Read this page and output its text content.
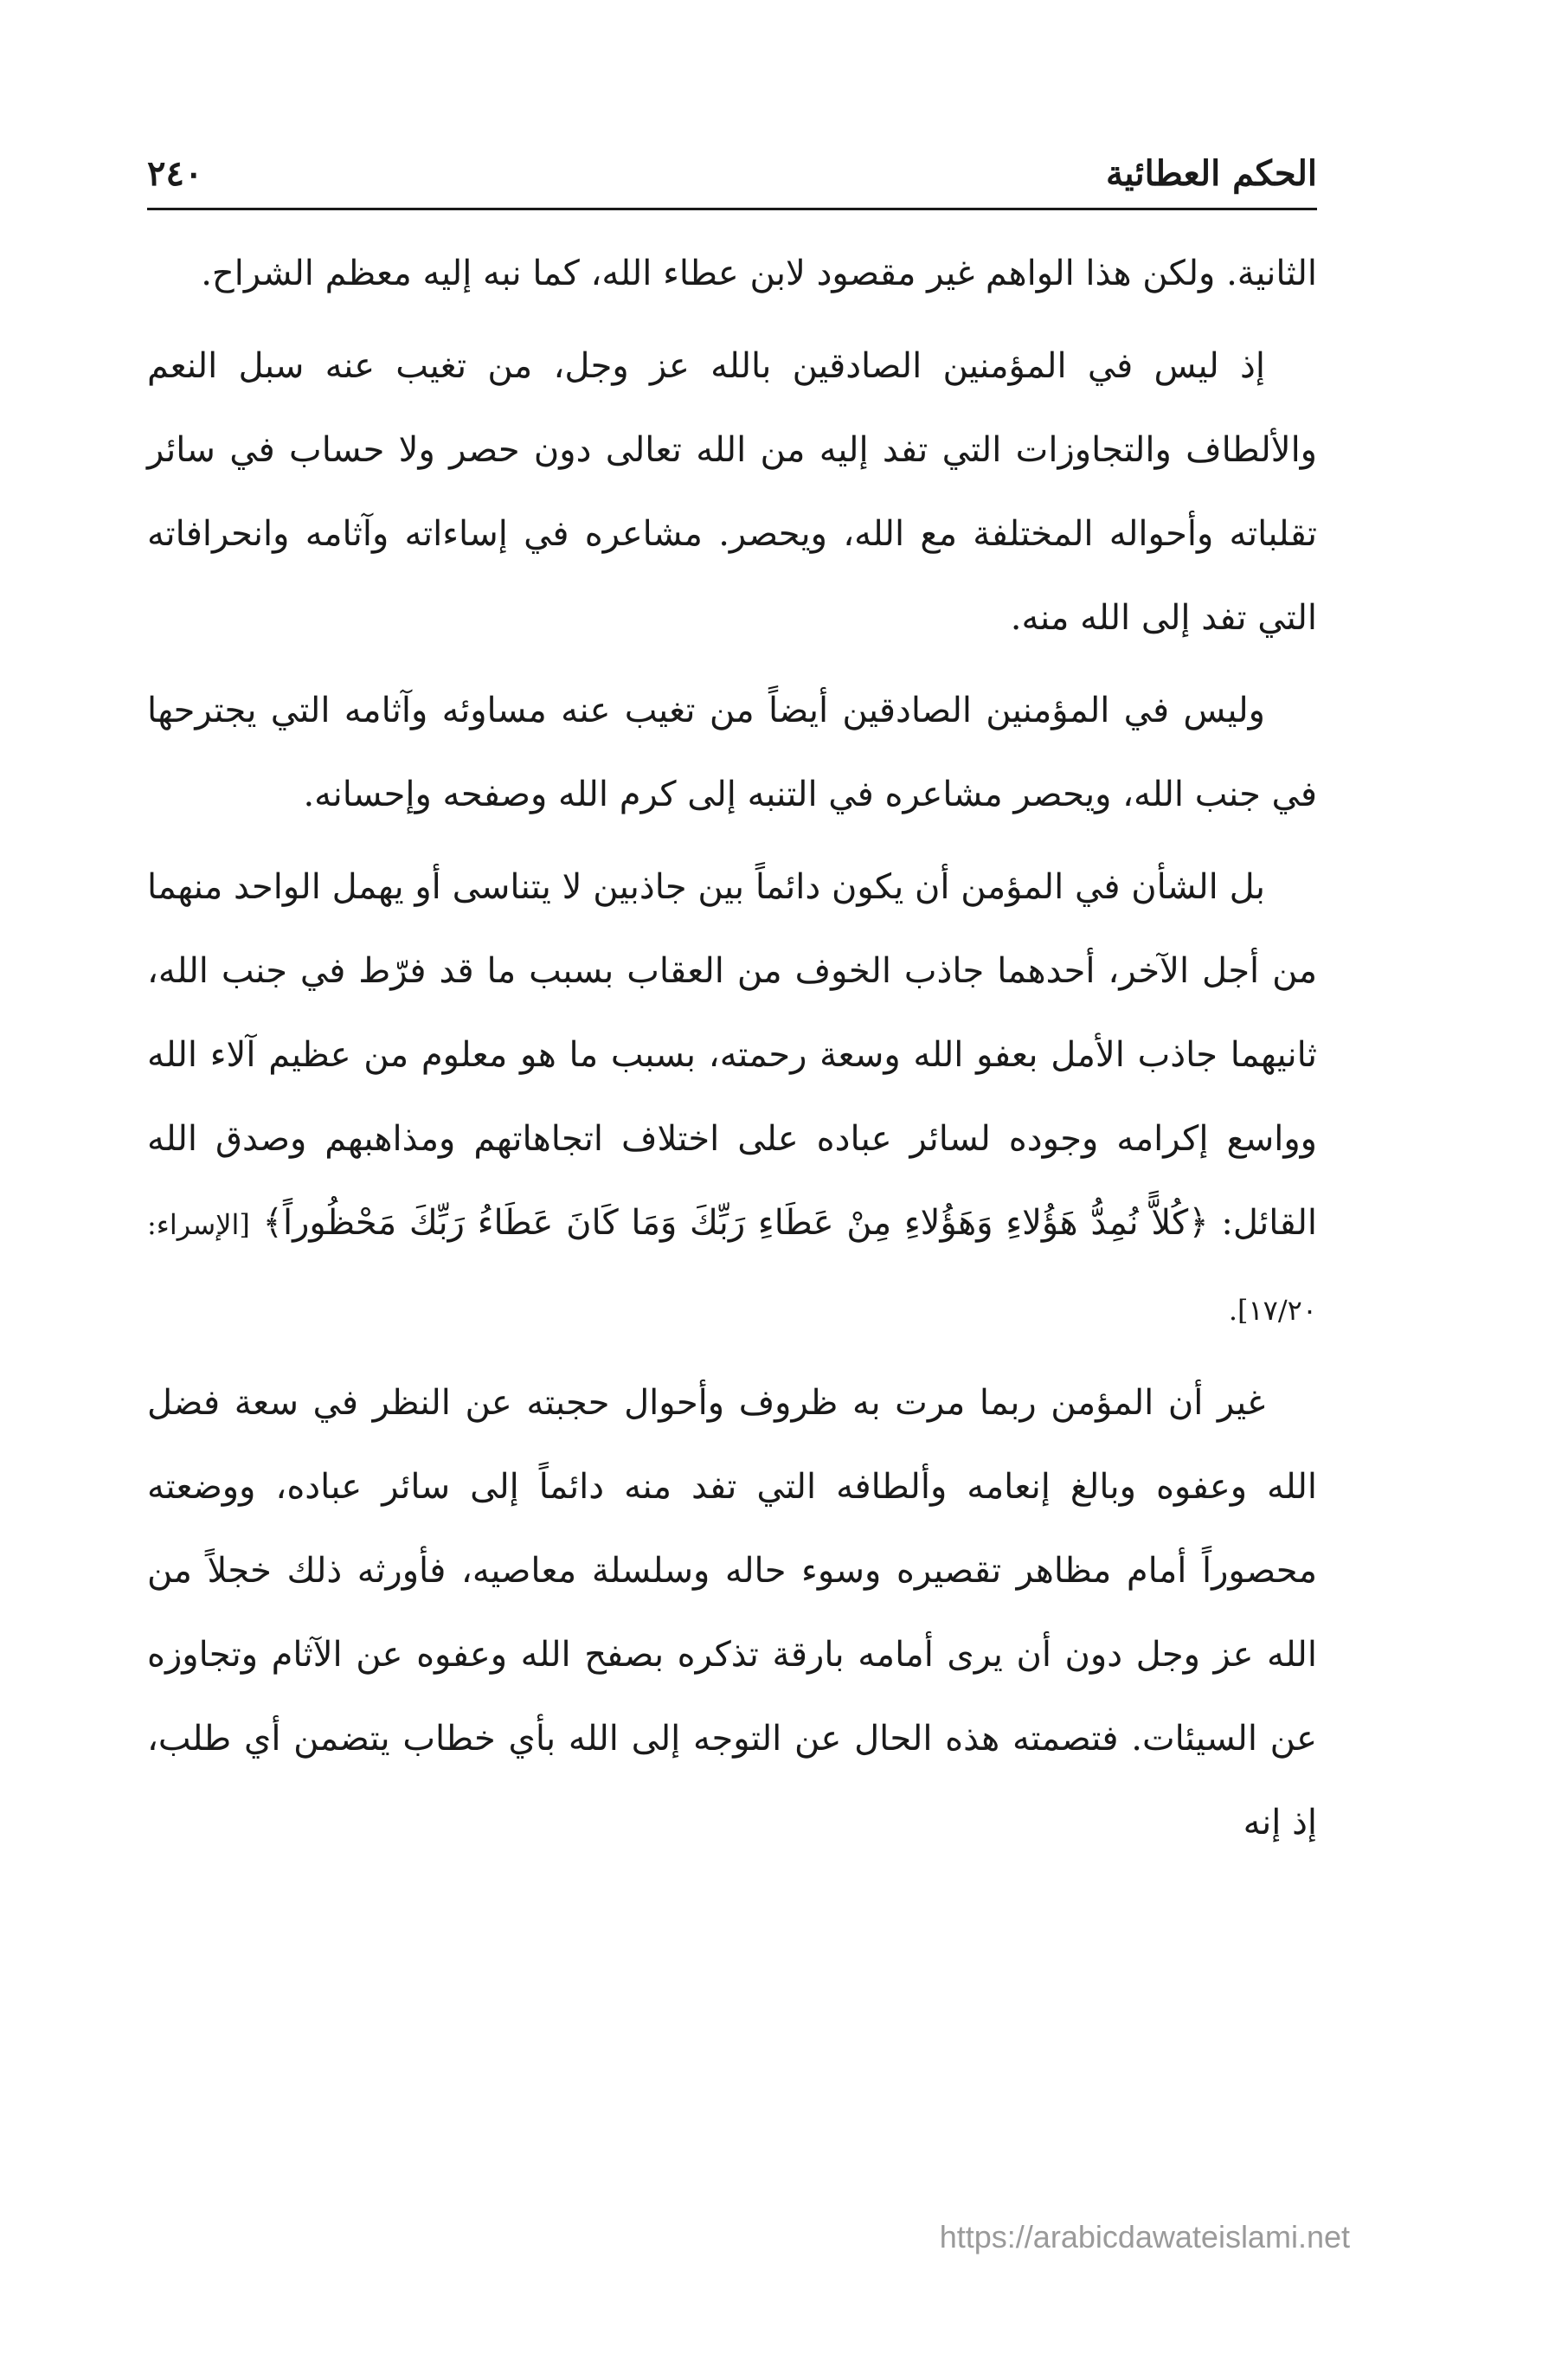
الحكم العطائية
٢٤٠

الثانية. ولكن هذا الواهم غير مقصود لابن عطاء الله، كما نبه إليه معظم الشراح.

إذ ليس في المؤمنين الصادقين بالله عز وجل، من تغيب عنه سبل النعم والألطاف والتجاوزات التي تفد إليه من الله تعالى دون حصر ولا حساب في سائر تقلباته وأحواله المختلفة مع الله، ويحصر. مشاعره في إساءاته وآثامه وانحرافاته التي تفد إلى الله منه.

وليس في المؤمنين الصادقين أيضاً من تغيب عنه مساوئه وآثامه التي يجترحها في جنب الله، ويحصر مشاعره في التنبه إلى كرم الله وصفحه وإحسانه.

بل الشأن في المؤمن أن يكون دائماً بين جاذبين لا يتناسى أو يهمل الواحد منهما من أجل الآخر، أحدهما جاذب الخوف من العقاب بسبب ما قد فرّط في جنب الله، ثانيهما جاذب الأمل بعفو الله وسعة رحمته، بسبب ما هو معلوم من عظيم آلاء الله وواسع إكرامه وجوده لسائر عباده على اختلاف اتجاهاتهم ومذاهبهم وصدق الله القائل: ﴿كُلاًّ نُمِدُّ هَؤُلاءِ وَهَؤُلاءِ مِنْ عَطَاءِ رَبِّكَ وَمَا كَانَ عَطَاءُ رَبِّكَ مَحْظُوراً﴾ [الإسراء: ١٧/٢٠].

غير أن المؤمن ربما مرت به ظروف وأحوال حجبته عن النظر في سعة فضل الله وعفوه وبالغ إنعامه وألطافه التي تفد منه دائماً إلى سائر عباده، ووضعته محصوراً أمام مظاهر تقصيره وسوء حاله وسلسلة معاصيه، فأورثه ذلك خجلاً من الله عز وجل دون أن يرى أمامه بارقة تذكره بصفح الله وعفوه عن الآثام وتجاوزه عن السيئات. فتصمته هذه الحال عن التوجه إلى الله بأي خطاب يتضمن أي طلب، إذ إنه

https://arabicdawateislami.net
